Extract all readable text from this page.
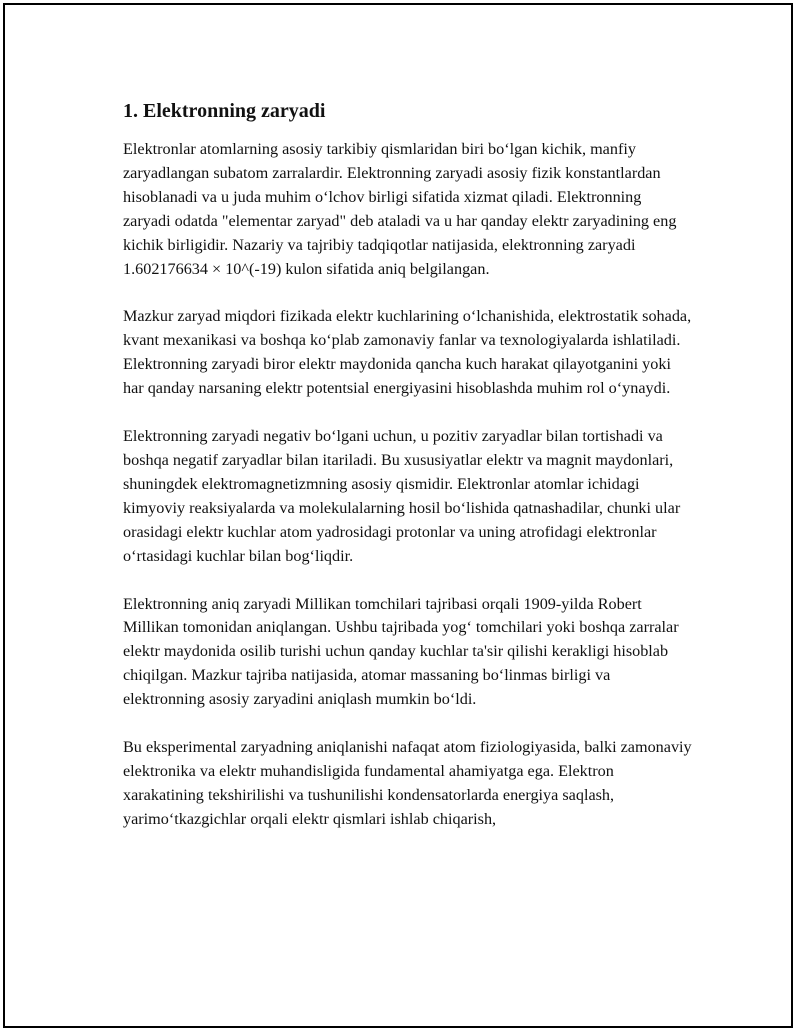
1. Elektronning zaryadi

Elektronlar atomlarning asosiy tarkibiy qismlaridan biri bo‘lgan kichik, manfiy zaryadlangan subatom zarralardir. Elektronning zaryadi asosiy fizik konstantlardan hisoblanadi va u juda muhim o‘lchov birligi sifatida xizmat qiladi. Elektronning zaryadi odatda "elementar zaryad" deb ataladi va u har qanday elektr zaryadining eng kichik birligidir. Nazariy va tajribiy tadqiqotlar natijasida, elektronning zaryadi 1.602176634 × 10^(-19) kulon sifatida aniq belgilangan.

Mazkur zaryad miqdori fizikada elektr kuchlarining o‘lchanishida, elektrostatik sohada, kvant mexanikasi va boshqa ko‘plab zamonaviy fanlar va texnologiyalarda ishlatiladi. Elektronning zaryadi biror elektr maydonida qancha kuch harakat qilayotganini yoki har qanday narsaning elektr potentsial energiyasini hisoblashda muhim rol o‘ynaydi.

Elektronning zaryadi negativ bo‘lgani uchun, u pozitiv zaryadlar bilan tortishadi va boshqa negatif zaryadlar bilan itariladi. Bu xususiyatlar elektr va magnit maydonlari, shuningdek elektromagnetizmning asosiy qismidir. Elektronlar atomlar ichidagi kimyoviy reaksiyalarda va molekulalarning hosil bo‘lishida qatnashadilar, chunki ular orasidagi elektr kuchlar atom yadrosidagi protonlar va uning atrofidagi elektronlar o‘rtasidagi kuchlar bilan bog‘liqdir.

Elektronning aniq zaryadi Millikan tomchilari tajribasi orqali 1909-yilda Robert Millikan tomonidan aniqlangan. Ushbu tajribada yog‘ tomchilari yoki boshqa zarralar elektr maydonida osilib turishi uchun qanday kuchlar ta'sir qilishi kerakligi hisoblab chiqilgan. Mazkur tajriba natijasida, atomar massaning bo‘linmas birligi va elektronning asosiy zaryadini aniqlash mumkin bo‘ldi.

Bu eksperimental zaryadning aniqlanishi nafaqat atom fiziologiyasida, balki zamonaviy elektronika va elektr muhandisligida fundamental ahamiyatga ega. Elektron xarakatining tekshirilishi va tushunilishi kondensatorlarda energiya saqlash, yarimo‘tkazgichlar orqali elektr qismlari ishlab chiqarish,
